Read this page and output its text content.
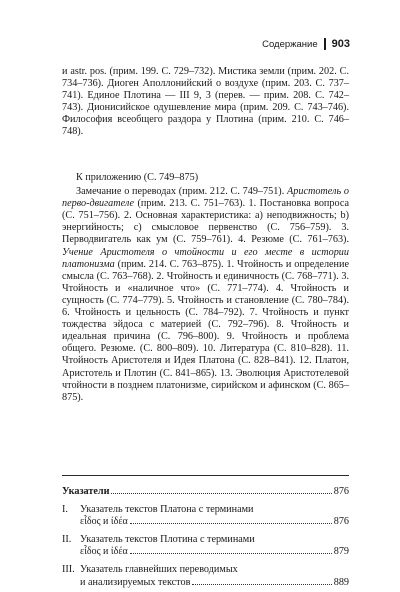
Содержание 903
и astr. pos. (прим. 199. С. 729–732). Мистика земли (прим. 202. С. 734–736). Диоген Аполлонийский о воздухе (прим. 203. С. 737–741). Единое Плотина — III 9, 3 (перев. — прим. 208. С. 742–743). Дионисийское одушевление мира (прим. 209. С. 743–746). Философия всеобщего раздора у Плотина (прим. 210. С. 746–748).
К приложению (С. 749–875)
Замечание о переводах (прим. 212. С. 749–751). Аристотель о перво-двигателе (прим. 213. С. 751–763). 1. Постановка вопроса (С. 751–756). 2. Основная характеристика: a) неподвижность; b) энергийность; c) смысловое первенство (С. 756–759). 3. Перводвигатель как ум (С. 759–761). 4. Резюме (С. 761–763). Учение Аристотеля о чтойности и его месте в истории платонизма (прим. 214. С. 763–875). 1. Чтойность и определение смысла (С. 763–768). 2. Чтойность и единичность (С. 768–771). 3. Чтойность и «наличное что» (С. 771–774). 4. Чтойность и сущность (С. 774–779). 5. Чтойность и становление (С. 780–784). 6. Чтойность и цельность (С. 784–792). 7. Чтойность и пункт тождества эйдоса с материей (С. 792–796). 8. Чтойность и идеальная причина (С. 796–800). 9. Чтойность и проблема общего. Резюме. (С. 800–809). 10. Литература (С. 810–828). 11. Чтойность Аристотеля и Идея Платона (С. 828–841). 12. Платон, Аристотель и Плотин (С. 841–865). 13. Эволюция Аристотелевой чтойности в позднем платонизме, сирийском и афинском (С. 865–875).
Указатели	876
I.	Указатель текстов Платона с терминами
εἶδος и ἰδέα	876
II. Указатель текстов Плотина с терминами
εἶδος и ἰδέα	879
III. Указатель главнейших переводимых
и анализируемых текстов	889
